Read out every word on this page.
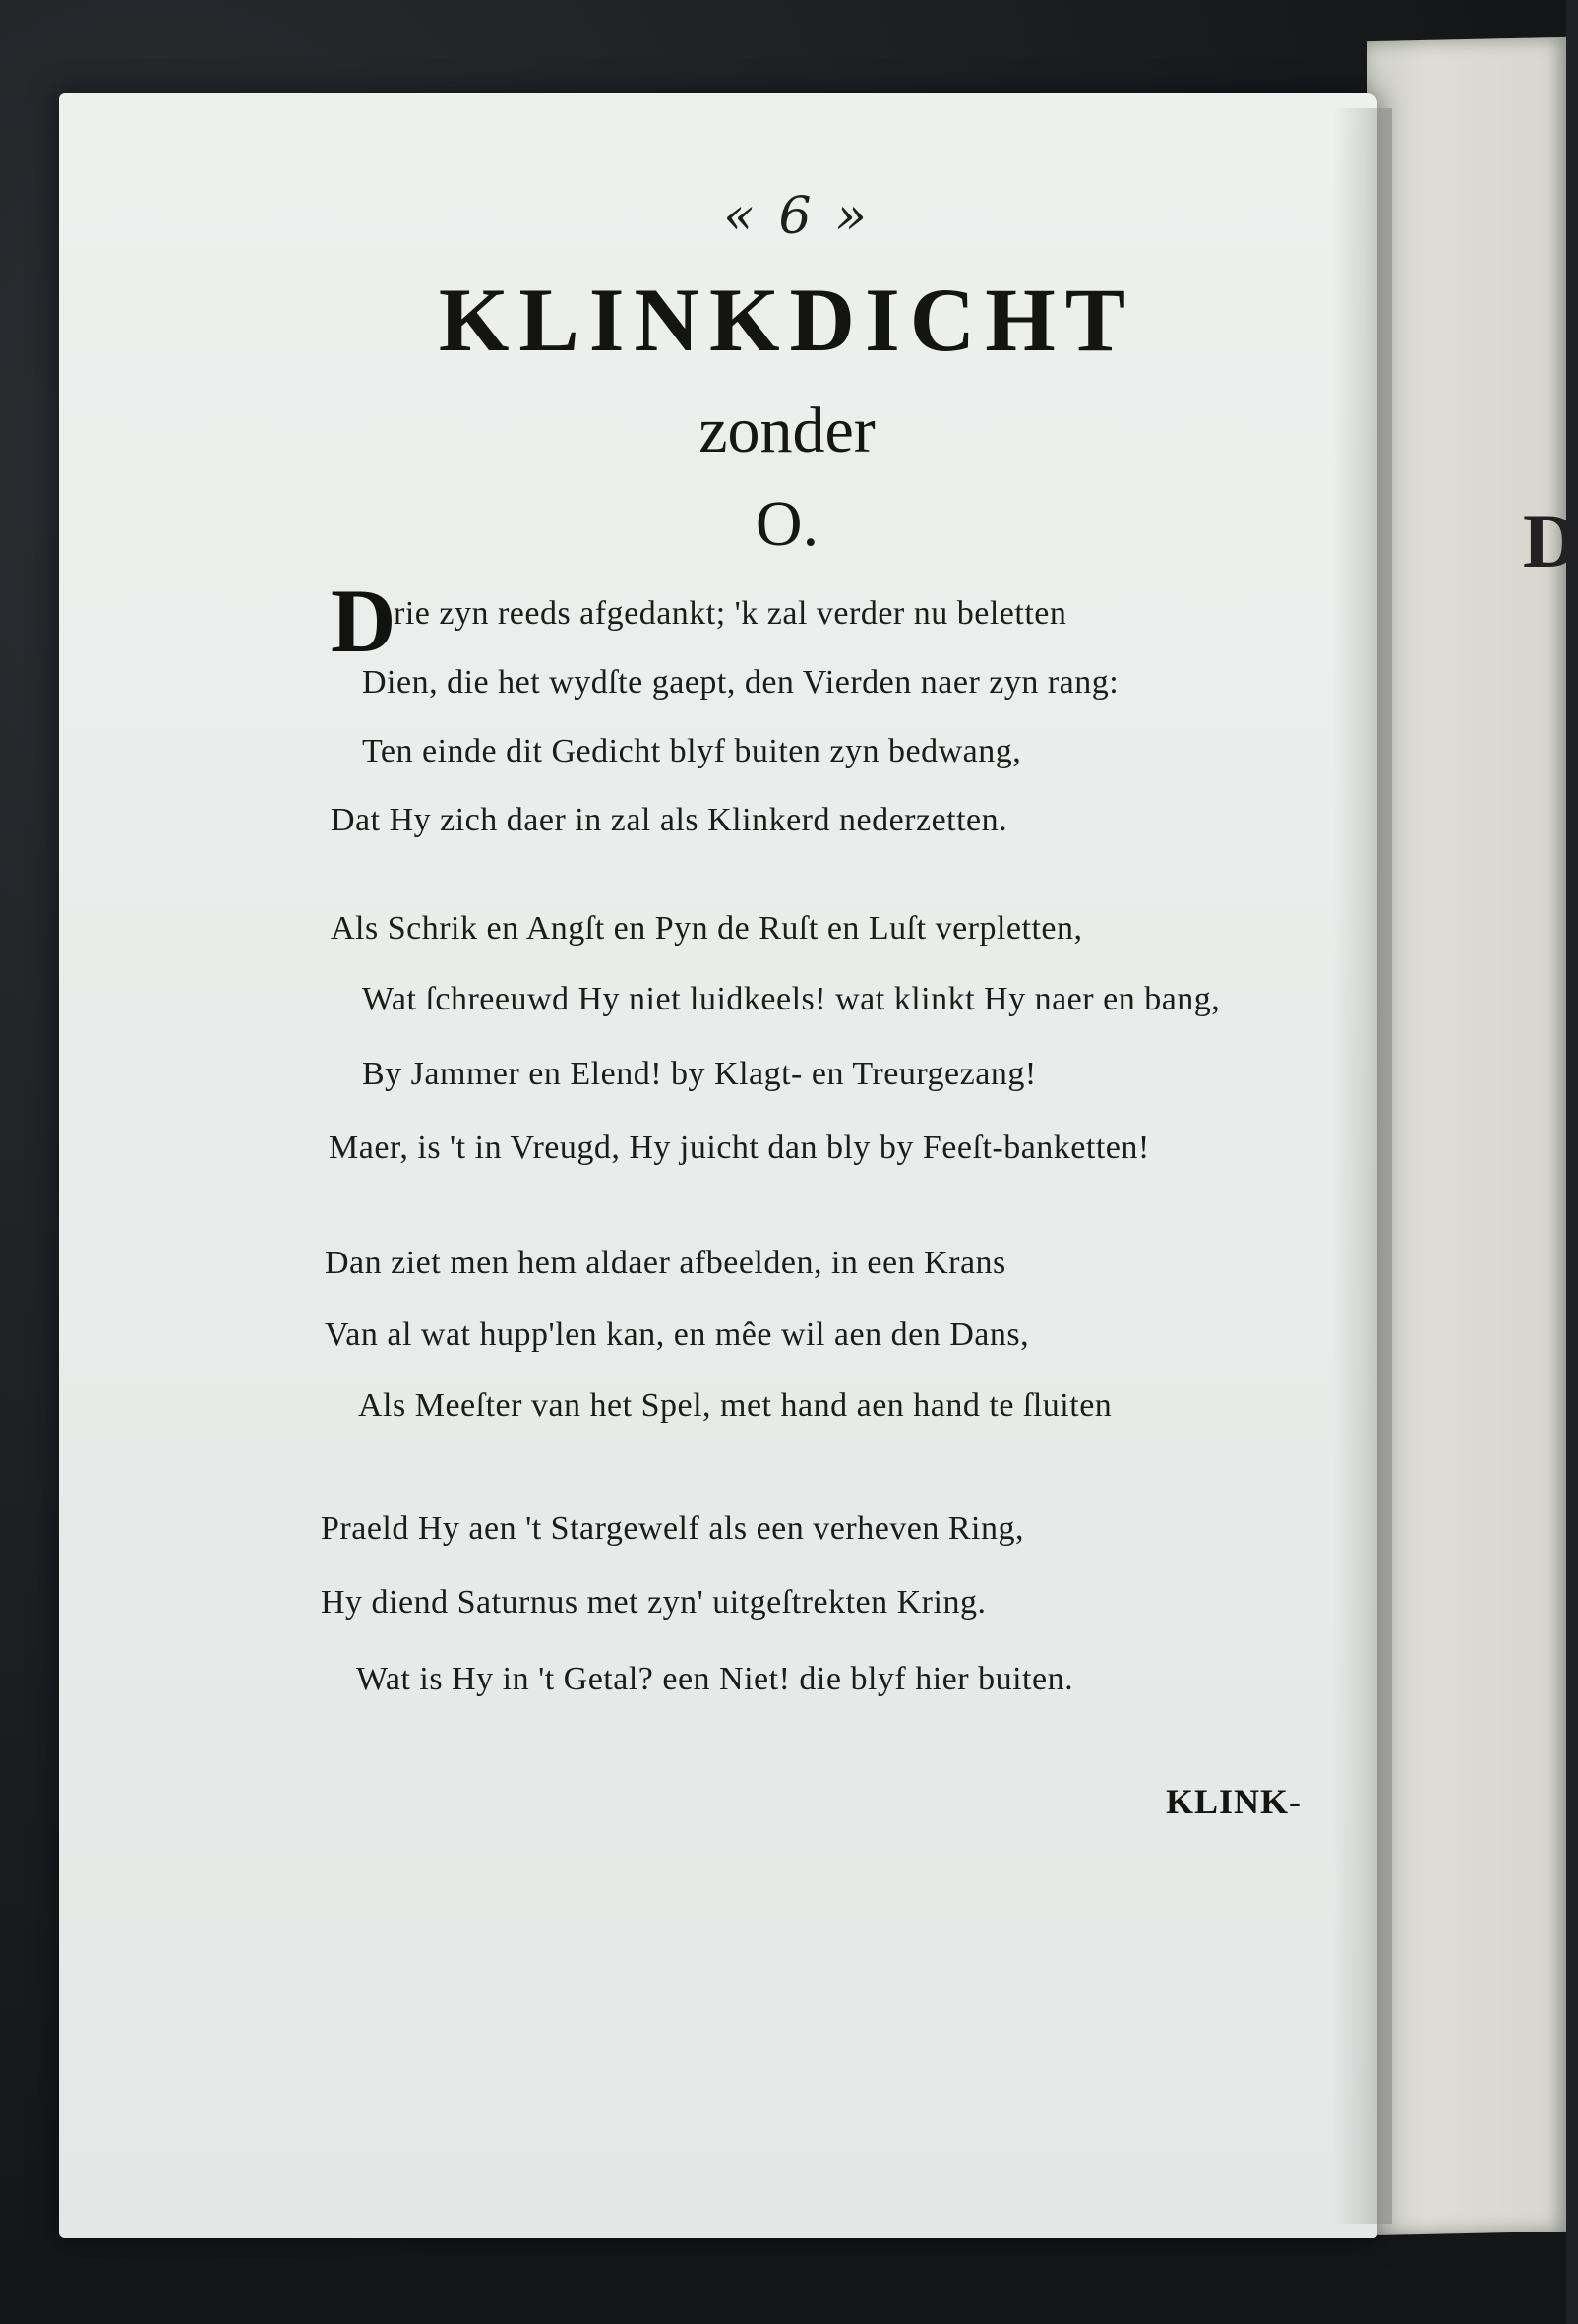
D
« 6 »
KLINKDICHT
zonder
O.
D
rie zyn reeds afgedankt; 'k zal verder nu beletten
Dien, die het wydſte gaept, den Vierden naer zyn rang:
Ten einde dit Gedicht blyf buiten zyn bedwang,
Dat Hy zich daer in zal als Klinkerd nederzetten.
Als Schrik en Angſt en Pyn de Ruſt en Luſt verpletten,
Wat ſchreeuwd Hy niet luidkeels! wat klinkt Hy naer en bang,
By Jammer en Elend! by Klagt- en Treurgezang!
Maer, is 't in Vreugd, Hy juicht dan bly by Feeſt-banketten!
Dan ziet men hem aldaer afbeelden, in een Krans
Van al wat hupp'len kan, en mêe wil aen den Dans,
Als Meeſter van het Spel, met hand aen hand te ſluiten
Praeld Hy aen 't Stargewelf als een verheven Ring,
Hy diend Saturnus met zyn' uitgeſtrekten Kring.
Wat is Hy in 't Getal? een Niet! die blyf hier buiten.
KLINK-
